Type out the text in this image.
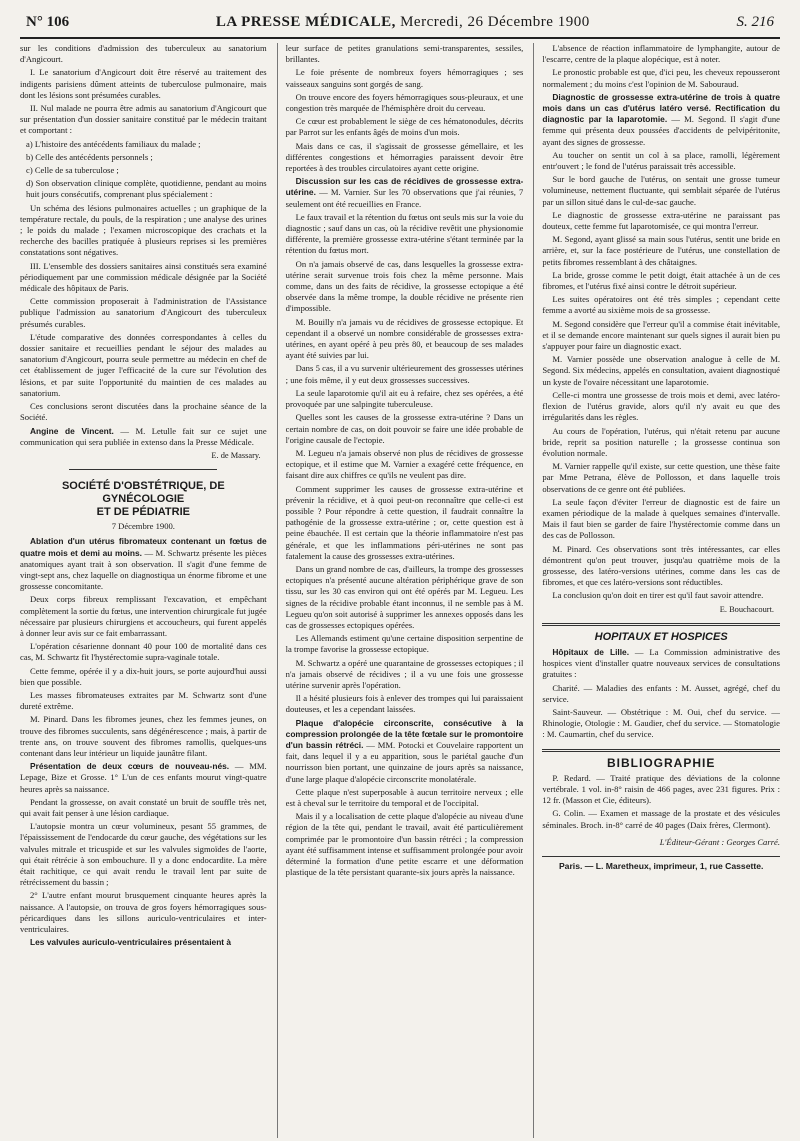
N° 106	LA PRESSE MÉDICALE, Mercredi, 26 Décembre 1900	S. 216

sur les conditions d'admission des tuberculeux au sanatorium d'Angicourt.

I. Le sanatorium d'Angicourt doit être réservé au traitement des indigents parisiens dûment atteints de tuberculose pulmonaire, mais dont les lésions sont présumées curables.

II. Nul malade ne pourra être admis au sanatorium d'Angicourt que sur présentation d'un dossier sanitaire constitué par le médecin traitant et comportant :

a) L'histoire des antécédents familiaux du malade ;

b) Celle des antécédents personnels ;

c) Celle de sa tuberculose ;

d) Son observation clinique complète, quotidienne, pendant au moins huit jours consécutifs, comprenant plus spécialement :

Un schéma des lésions pulmonaires actuelles ; un graphique de la température rectale, du pouls, de la respiration ; une analyse des urines ; le poids du malade ; l'examen microscopique des crachats et la recherche des bacilles pratiquée à plusieurs reprises si les premières constatations sont négatives.

III. L'ensemble des dossiers sanitaires ainsi constitués sera examiné périodiquement par une commission médicale désignée par la Société médicale des hôpitaux de Paris.

Cette commission proposerait à l'administration de l'Assistance publique l'admission au sanatorium d'Angicourt des tuberculeux présumés curables.

L'étude comparative des données correspondantes à celles du dossier sanitaire et recueillies pendant le séjour des malades au sanatorium d'Angicourt, pourra seule permettre au médecin en chef de cet établissement de juger l'efficacité de la cure sur l'évolution des lésions, et par suite l'opportunité du maintien de ces malades au sanatorium.

Ces conclusions seront discutées dans la prochaine séance de la Société.

Angine de Vincent. — M. Letulle fait sur ce sujet une communication qui sera publiée in extenso dans la Presse Médicale.

E. de Massary.
SOCIÉTÉ D'OBSTÉTRIQUE, DE GYNÉCOLOGIE
ET DE PÉDIATRIE
7 Décembre 1900.

Ablation d'un utérus fibromateux contenant un fœtus de quatre mois et demi au moins. — M. Schwartz présente les pièces anatomiques ayant trait à son observation. Il s'agit d'une femme de vingt-sept ans, chez laquelle on diagnostiqua un énorme fibrome et une grossesse concomitante.

Deux corps fibreux remplissant l'excavation, et empêchant complètement la sortie du fœtus, une intervention chirurgicale fut jugée nécessaire par plusieurs chirurgiens et accoucheurs, qui furent appelés à donner leur avis sur ce fait embarrassant.

L'opération césarienne donnant 40 pour 100 de mortalité dans ces cas, M. Schwartz fit l'hystérectomie supra-vaginale totale.

Cette femme, opérée il y a dix-huit jours, se porte aujourd'hui aussi bien que possible.

Les masses fibromateuses extraites par M. Schwartz sont d'une dureté extrême.

M. Pinard. Dans les fibromes jeunes, chez les femmes jeunes, on trouve des fibromes succulents, sans dégénérescence ; mais, à partir de trente ans, on trouve souvent des fibromes ramollis, quelques-uns contenant dans leur intérieur un liquide jaunâtre filant.

Présentation de deux cœurs de nouveau-nés. — MM. Lepage, Bize et Grosse. 1° L'un de ces enfants mourut vingt-quatre heures après sa naissance.

Pendant la grossesse, on avait constaté un bruit de souffle très net, qui avait fait penser à une lésion cardiaque.

L'autopsie montra un cœur volumineux, pesant 55 grammes, de l'épaississement de l'endocarde du cœur gauche, des végétations sur les valvules mitrale et tricuspide et sur les valvules sigmoïdes de l'aorte, qui était rétrécie à son embouchure. Il y a donc endocardite. La mère était rachitique, ce qui avait rendu le travail lent par suite de rétrécissement du bassin ;

2° L'autre enfant mourut brusquement cinquante heures après la naissance. A l'autopsie, on trouva de gros foyers hémorragiques sous-péricardiques dans les sillons auriculo-ventriculaires et inter-ventriculaires.

Les valvules auriculo-ventriculaires présentaient à

leur surface de petites granulations semi-transparentes, sessiles, brillantes.

Le foie présente de nombreux foyers hémorragiques ; ses vaisseaux sanguins sont gorgés de sang.

On trouve encore des foyers hémorragiques sous-pleuraux, et une congestion très marquée de l'hémisphère droit du cerveau.

Ce cœur est probablement le siège de ces hématonodules, décrits par Parrot sur les enfants âgés de moins d'un mois.

Mais dans ce cas, il s'agissait de grossesse gémellaire, et les différentes congestions et hémorragies paraissent devoir être reportées à des troubles circulatoires ayant cette origine.

Discussion sur les cas de récidives de grossesse extra-utérine. — M. Varnier. Sur les 70 observations que j'ai réunies, 7 seulement ont été recueillies en France.

Le faux travail et la rétention du fœtus ont seuls mis sur la voie du diagnostic ; sauf dans un cas, où la récidive revêtit une physionomie différente, la première grossesse extra-utérine s'étant terminée par la rétention du fœtus mort.

On n'a jamais observé de cas, dans lesquelles la grossesse extra-utérine serait survenue trois fois chez la même personne. Mais comme, dans un des faits de récidive, la grossesse ectopique a été observée dans la même trompe, la double récidive ne présente rien d'impossible.

M. Bouilly n'a jamais vu de récidives de grossesse ectopique. Et cependant il a observé un nombre considérable de grossesses extra-utérines, en ayant opéré à peu près 80, et beaucoup de ses malades ayant été suivies par lui.

Dans 5 cas, il a vu survenir ultérieurement des grossesses utérines ; une fois même, il y eut deux grossesses successives.

La seule laparotomie qu'il ait eu à refaire, chez ses opérées, a été provoquée par une salpingite tuberculeuse.

Quelles sont les causes de la grossesse extra-utérine ? Dans un certain nombre de cas, on doit pouvoir se faire une idée probable de l'origine causale de l'ectopie.

M. Legueu n'a jamais observé non plus de récidives de grossesse ectopique, et il estime que M. Varnier a exagéré cette fréquence, en faisant dire aux chiffres ce qu'ils ne veulent pas dire.

Comment supprimer les causes de grossesse extra-utérine et prévenir la récidive, et à quoi peut-on reconnaître que celle-ci est possible ? Pour répondre à cette question, il faudrait connaître la pathogénie de la grossesse extra-utérine ; or, cette question est à peine ébauchée. Il est certain que la théorie inflammatoire n'est pas générale, et que les inflammations péri-utérines ne sont pas fatalement la cause des grossesses extra-utérines.

Dans un grand nombre de cas, d'ailleurs, la trompe des grossesses ectopiques n'a présenté aucune altération périphérique grave de son tissu, sur les 30 cas environ qui ont été opérés par M. Legueu. Les signes de la récidive probable étant inconnus, il ne semble pas à M. Legueu qu'on soit autorisé à supprimer les annexes opposés dans les cas de grossesses ectopiques opérées.

Les Allemands estiment qu'une certaine disposition serpentine de la trompe favorise la grossesse ectopique.

M. Schwartz a opéré une quarantaine de grossesses ectopiques ; il n'a jamais observé de récidives ; il a vu une fois une grossesse utérine survenir après l'opération.

Il a hésité plusieurs fois à enlever des trompes qui lui paraissaient douteuses, et les a cependant laissées.

Plaque d'alopécie circonscrite, consécutive à la compression prolongée de la tête fœtale sur le promontoire d'un bassin rétréci. — MM. Potocki et Couvelaire rapportent un fait, dans lequel il y a eu apparition, sous le pariétal gauche d'un nourrisson bien portant, une quinzaine de jours après sa naissance, d'une large plaque d'alopécie circonscrite monolatérale.

Cette plaque n'est superposable à aucun territoire nerveux ; elle est à cheval sur le territoire du temporal et de l'occipital.

Mais il y a localisation de cette plaque d'alopécie au niveau d'une région de la tête qui, pendant le travail, avait été particulièrement comprimée par le promontoire d'un bassin rétréci ; la compression ayant été suffisamment intense et suffisamment prolongée pour avoir déterminé la formation d'une petite escarre et une déformation plastique de la tête persistant quarante-six jours après la naissance.

L'absence de réaction inflammatoire de lymphangite, autour de l'escarre, centre de la plaque alopécique, est à noter.

Le pronostic probable est que, d'ici peu, les cheveux repousseront normalement ; du moins c'est l'opinion de M. Sabouraud.

Diagnostic de grossesse extra-utérine de trois à quatre mois dans un cas d'utérus latéro versé. Rectification du diagnostic par la laparotomie. — M. Segond. Il s'agit d'une femme qui présenta deux poussées d'accidents de pelvipéritonite, ayant des signes de grossesse.

Au toucher on sentit un col à sa place, ramolli, légèrement entr'ouvert ; le fond de l'utérus paraissait très accessible.

Sur le bord gauche de l'utérus, on sentait une grosse tumeur volumineuse, nettement fluctuante, qui semblait séparée de l'utérus par un sillon situé dans le cul-de-sac gauche.

Le diagnostic de grossesse extra-utérine ne paraissant pas douteux, cette femme fut laparotomisée, ce qui montra l'erreur.

M. Segond, ayant glissé sa main sous l'utérus, sentit une bride en arrière, et, sur la face postérieure de l'utérus, une constellation de petits fibromes ressemblant à des châtaignes.

La bride, grosse comme le petit doigt, était attachée à un de ces fibromes, et l'utérus fixé ainsi contre le détroit supérieur.

Les suites opératoires ont été très simples ; cependant cette femme a avorté au sixième mois de sa grossesse.

M. Segond considère que l'erreur qu'il a commise était inévitable, et il se demande encore maintenant sur quels signes il aurait bien pu s'appuyer pour faire un diagnostic exact.

M. Varnier possède une observation analogue à celle de M. Segond. Six médecins, appelés en consultation, avaient diagnostiqué un kyste de l'ovaire nécessitant une laparotomie.

Celle-ci montra une grossesse de trois mois et demi, avec latéro-flexion de l'utérus gravide, alors qu'il n'y avait eu que des irrégularités dans les règles.

Au cours de l'opération, l'utérus, qui n'était retenu par aucune bride, reprit sa position naturelle ; la grossesse continua son évolution normale.

M. Varnier rappelle qu'il existe, sur cette question, une thèse faite par Mme Petrana, élève de Pollosson, et dans laquelle trois observations de ce genre ont été publiées.

La seule façon d'éviter l'erreur de diagnostic est de faire un examen périodique de la malade à quelques semaines d'intervalle. Mais il faut bien se garder de faire l'hystérectomie comme dans un des cas de Pollosson.

M. Pinard. Ces observations sont très intéressantes, car elles démontrent qu'on peut trouver, jusqu'au quatrième mois de la grossesse, des latéro-versions utérines, comme dans les cas de fibromes, et que ces latéro-versions sont réductibles.

La conclusion qu'on doit en tirer est qu'il faut savoir attendre.

E. Bouchacourt.
HOPITAUX ET HOSPICES

Hôpitaux de Lille. — La Commission administrative des hospices vient d'installer quatre nouveaux services de consultations gratuites :

Charité. — Maladies des enfants : M. Ausset, agrégé, chef du service.

Saint-Sauveur. — Obstétrique : M. Oui, chef du service. — Rhinologie, Otologie : M. Gaudier, chef du service. — Stomatologie : M. Caumartin, chef du service.

BIBLIOGRAPHIE

P. Redard. — Traité pratique des déviations de la colonne vertébrale. 1 vol. in-8° raisin de 466 pages, avec 231 figures. Prix : 12 fr. (Masson et Cie, éditeurs).

G. Colin. — Examen et massage de la prostate et des vésicules séminales. Broch. in-8° carré de 40 pages (Daix frères, Clermont).

L'Éditeur-Gérant : Georges Carré.
Paris. — L. Maretheux, imprimeur, 1, rue Cassette.
